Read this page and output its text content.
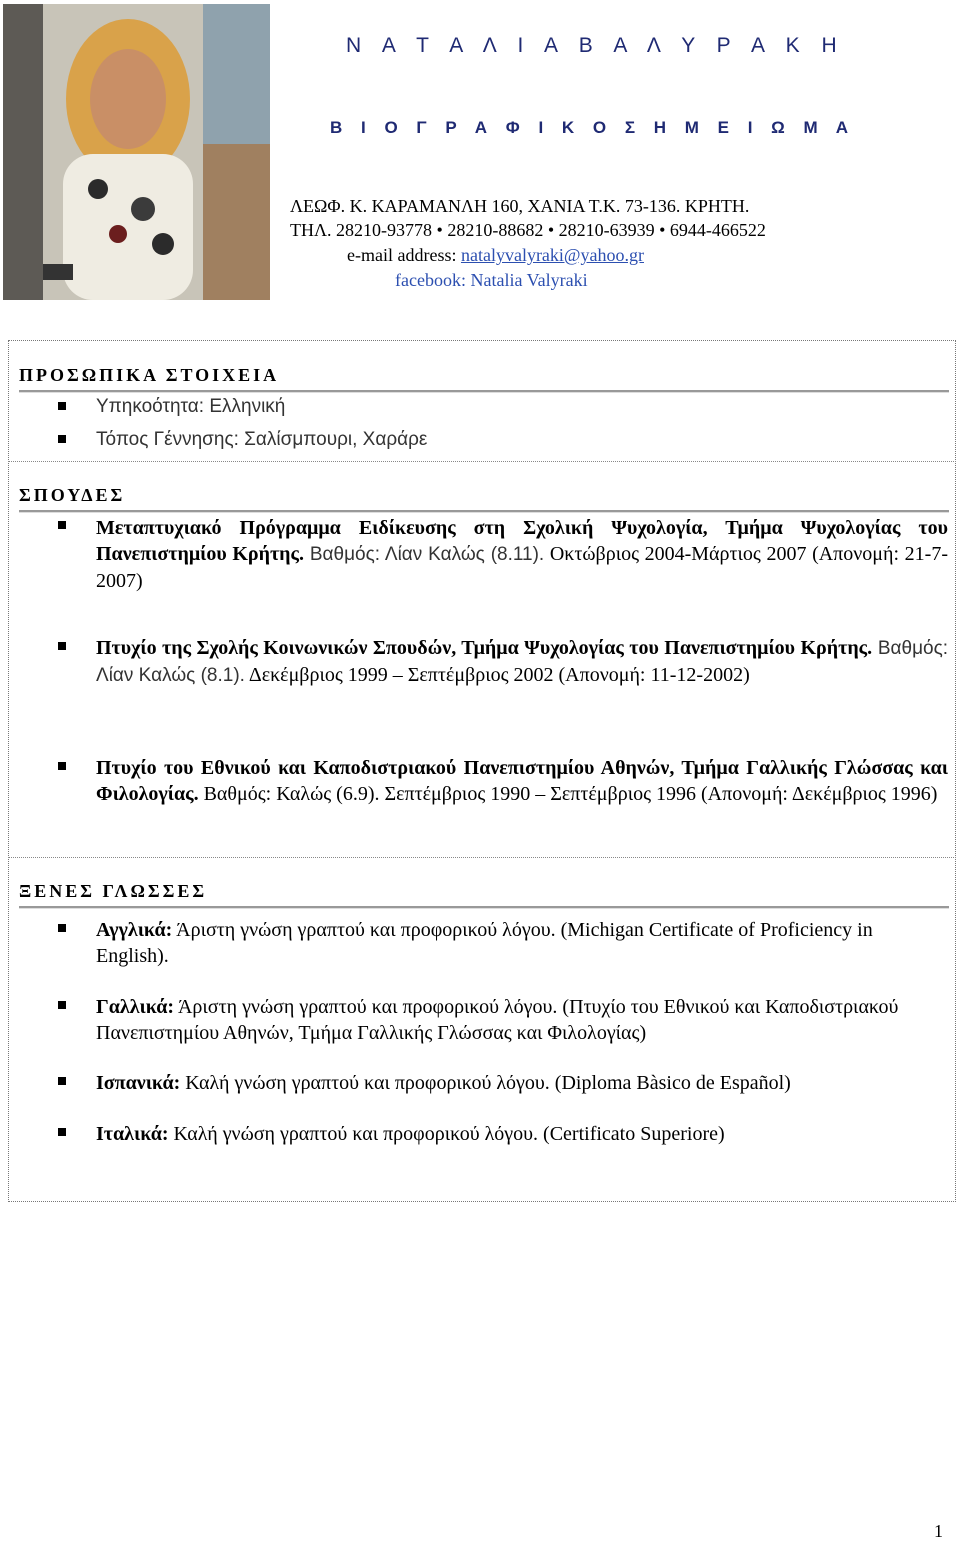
Ν Α Τ Α Λ Ι Α Β Α Λ Υ Ρ Α Κ Η
Β Ι Ο Γ Ρ Α Φ Ι Κ Ο Σ Η Μ Ε Ι Ω Μ Α
ΛΕΩΦ. Κ. ΚΑΡΑΜΑΝΛΗ 160, ΧΑΝΙΑ Τ.Κ. 73-136. ΚΡΗΤΗ.
ΤΗΛ. 28210-93778 • 28210-88682 • 28210-63939 • 6944-466522
e-mail address: natalyvalyraki@yahoo.gr
facebook: Natalia Valyraki
ΠΡΟΣΩΠΙΚΑ ΣΤΟΙΧΕΙΑ
Υπηκοότητα: Ελληνική
Τόπος Γέννησης: Σαλίσμπουρι, Χαράρε
ΣΠΟΥΔΕΣ
Μεταπτυχιακό Πρόγραμμα Ειδίκευσης στη Σχολική Ψυχολογία, Τμήμα Ψυχολογίας του Πανεπιστημίου Κρήτης. Βαθμός: Λίαν Καλώς (8.11). Οκτώβριος 2004-Μάρτιος 2007 (Απονομή: 21-7-2007)
Πτυχίο της Σχολής Κοινωνικών Σπουδών, Τμήμα Ψυχολογίας του Πανεπιστημίου Κρήτης. Βαθμός: Λίαν Καλώς (8.1). Δεκέμβριος 1999 – Σεπτέμβριος 2002 (Απονομή: 11-12-2002)
Πτυχίο του Εθνικού και Καποδιστριακού Πανεπιστημίου Αθηνών, Τμήμα Γαλλικής Γλώσσας και Φιλολογίας. Βαθμός: Καλώς (6.9). Σεπτέμβριος 1990 – Σεπτέμβριος 1996 (Απονομή: Δεκέμβριος 1996)
ΞΕΝΕΣ ΓΛΩΣΣΕΣ
Αγγλικά: Άριστη γνώση γραπτού και προφορικού λόγου. (Michigan Certificate of Proficiency in English).
Γαλλικά: Άριστη γνώση γραπτού και προφορικού λόγου. (Πτυχίο του Εθνικού και Καποδιστριακού Πανεπιστημίου Αθηνών, Τμήμα Γαλλικής Γλώσσας και Φιλολογίας)
Ισπανικά: Καλή γνώση γραπτού και προφορικού λόγου. (Diploma Bàsico de Español)
Ιταλικά: Καλή γνώση γραπτού και προφορικού λόγου. (Certificato Superiore)
1
